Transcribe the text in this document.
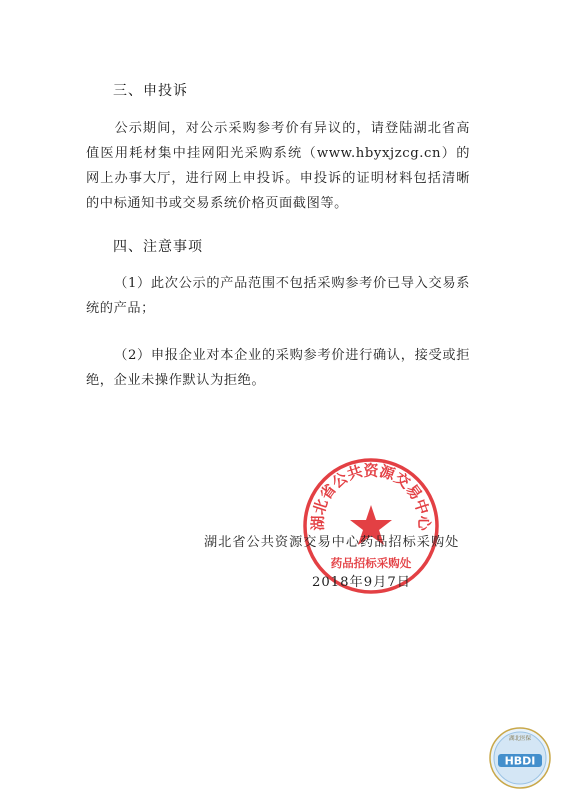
三、申投诉
公示期间，对公示采购参考价有异议的，请登陆湖北省高值医用耗材集中挂网阳光采购系统（www.hbyxjzcg.cn）的网上办事大厅，进行网上申投诉。申投诉的证明材料包括清晰的中标通知书或交易系统价格页面截图等。
四、注意事项
（1）此次公示的产品范围不包括采购参考价已导入交易系统的产品；
（2）申报企业对本企业的采购参考价进行确认，接受或拒绝，企业未操作默认为拒绝。
湖北省公共资源交易中心
药品招标采购处
湖北省公共资源交易中心药品招标采购处
2018年9月7日
湖北医保
HBDI
